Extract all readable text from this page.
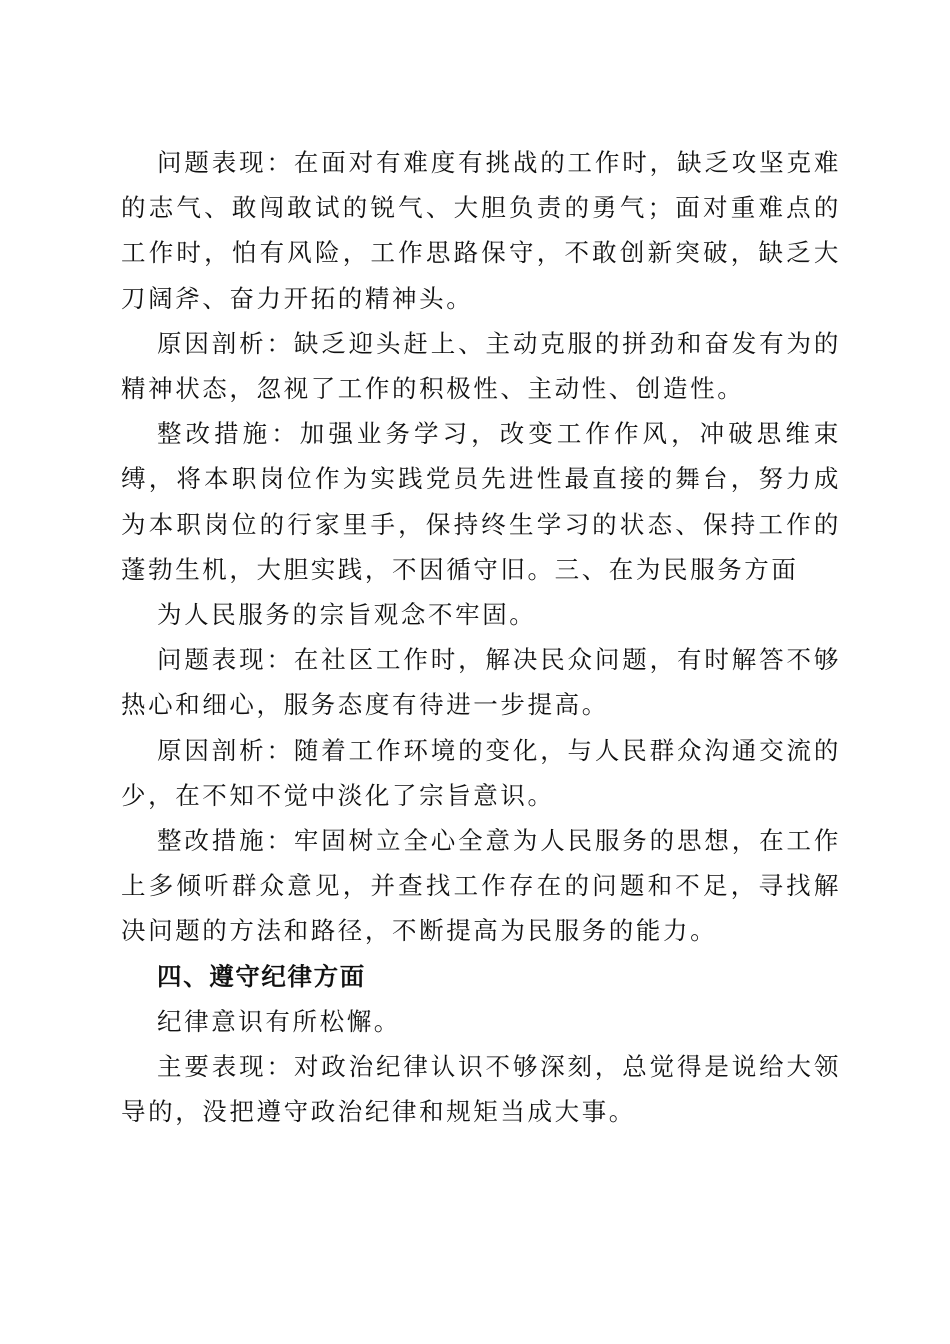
问题表现：在面对有难度有挑战的工作时，缺乏攻坚克难的志气、敢闯敢试的锐气、大胆负责的勇气；面对重难点的工作时，怕有风险，工作思路保守，不敢创新突破，缺乏大刀阔斧、奋力开拓的精神头。

原因剖析：缺乏迎头赶上、主动克服的拼劲和奋发有为的精神状态，忽视了工作的积极性、主动性、创造性。

整改措施：加强业务学习，改变工作作风，冲破思维束缚，将本职岗位作为实践党员先进性最直接的舞台，努力成为本职岗位的行家里手，保持终生学习的状态、保持工作的蓬勃生机，大胆实践，不因循守旧。三、在为民服务方面

为人民服务的宗旨观念不牢固。

问题表现：在社区工作时，解决民众问题，有时解答不够热心和细心，服务态度有待进一步提高。

原因剖析：随着工作环境的变化，与人民群众沟通交流的少，在不知不觉中淡化了宗旨意识。

整改措施：牢固树立全心全意为人民服务的思想，在工作上多倾听群众意见，并查找工作存在的问题和不足，寻找解决问题的方法和路径，不断提高为民服务的能力。

四、遵守纪律方面

纪律意识有所松懈。

主要表现：对政治纪律认识不够深刻，总觉得是说给大领导的，没把遵守政治纪律和规矩当成大事。
